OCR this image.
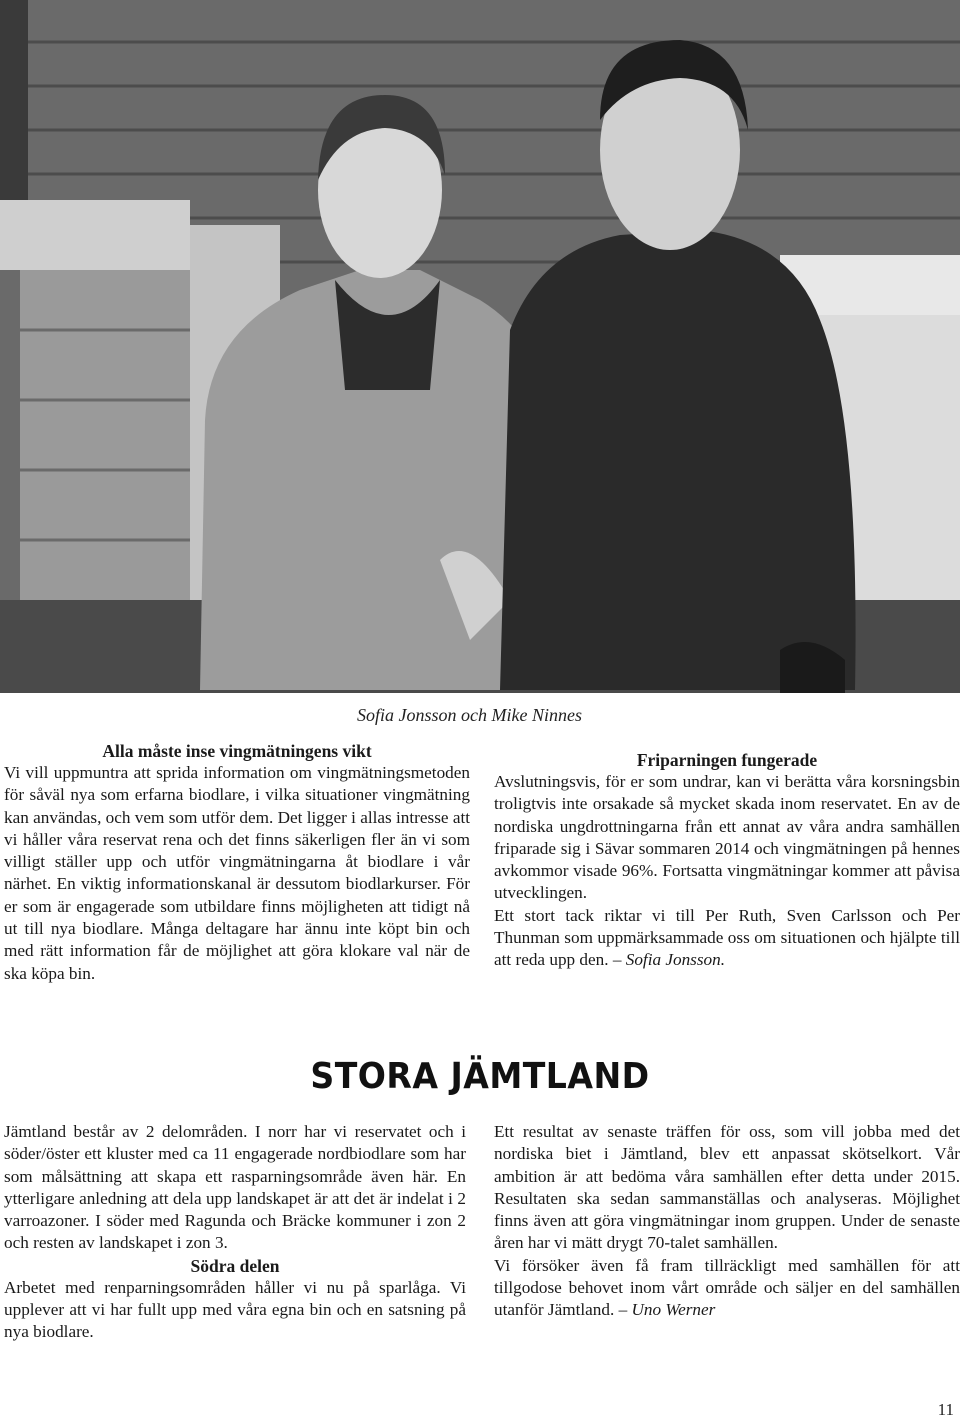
Sofia Jonsson och Mike Ninnes
Alla måste inse vingmätningens vikt

Vi vill uppmuntra att sprida information om vingmätningsmetoden för såväl nya som erfarna biodlare, i vilka situationer vingmätning kan användas, och vem som utför dem. Det ligger i allas intresse att vi håller våra reservat rena och det finns säkerligen fler än vi som villigt ställer upp och utför vingmätningarna åt biodlare i vår närhet. En viktig informationskanal är dessutom biodlarkurser. För er som är engagerade som utbildare finns möjligheten att tidigt nå ut till nya biodlare. Många deltagare har ännu inte köpt bin och med rätt information får de möjlighet att göra klokare val när de ska köpa bin.

Friparningen fungerade

Avslutningsvis, för er som undrar, kan vi berätta våra korsningsbin troligtvis inte orsakade så mycket skada inom reservatet. En av de nordiska ungdrottningarna från ett annat av våra andra samhällen friparade sig i Sävar sommaren 2014 och vingmätningen på hennes avkommor visade 96%. Fortsatta vingmätningar kommer att påvisa utvecklingen.

Ett stort tack riktar vi till Per Ruth, Sven Carlsson och Per Thunman som uppmärksammade oss om situationen och hjälpte till att reda upp den. – Sofia Jonsson.

STORA JÄMTLAND

Jämtland består av 2 delområden. I norr har vi reservatet och i söder/öster ett kluster med ca 11 engagerade nordbiodlare som har som målsättning att skapa ett rasparningsområde även här. En ytterligare anledning att dela upp landskapet är att det är indelat i 2 varroazoner. I söder med Ragunda och Bräcke kommuner i zon 2 och resten av landskapet i zon 3.

Södra delen

Arbetet med renparningsområden håller vi nu på sparlåga. Vi upplever att vi har fullt upp med våra egna bin och en satsning på nya biodlare.

Ett resultat av senaste träffen för oss, som vill jobba med det nordiska biet i Jämtland, blev ett anpassat skötselkort. Vår ambition är att bedöma våra samhällen efter detta under 2015. Resultaten ska sedan sammanställas och analyseras. Möjlighet finns även att göra vingmätningar inom gruppen. Under de senaste åren har vi mätt drygt 70-talet samhällen.

Vi försöker även få fram tillräckligt med samhällen för att tillgodose behovet inom vårt område och säljer en del samhällen utanför Jämtland. – Uno Werner

11
